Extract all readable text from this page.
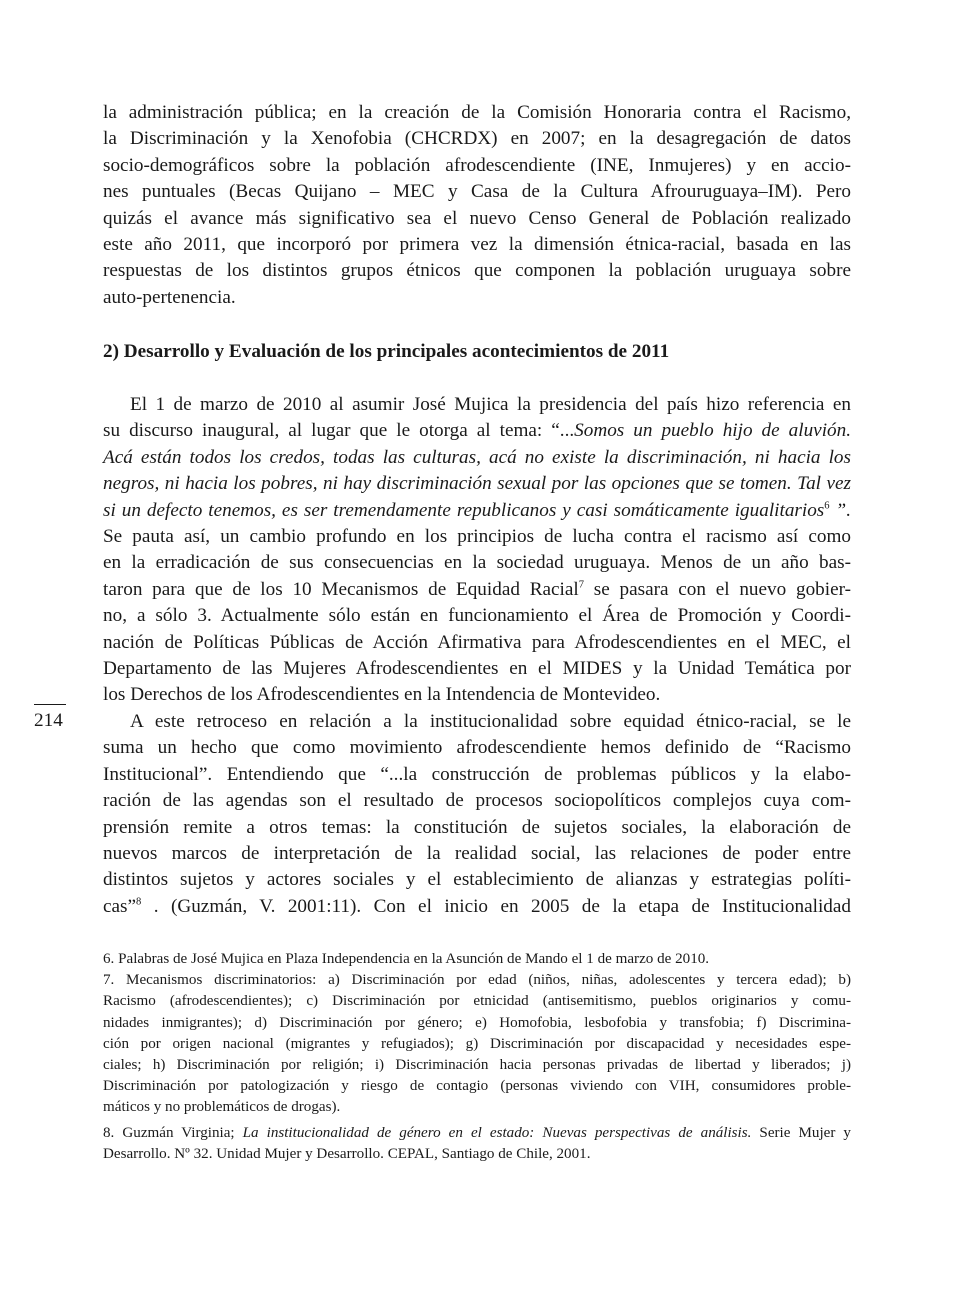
la administración pública; en la creación de la Comisión Honoraria contra el Racismo,
la Discriminación y la Xenofobia (CHCRDX) en 2007; en la desagregación de datos
socio-demográficos sobre la población afrodescendiente (INE, Inmujeres) y en accio-
nes puntuales (Becas Quijano – MEC y Casa de la Cultura Afrouruguaya–IM). Pero
quizás el avance más significativo sea el nuevo Censo General de Población realizado
este año 2011, que incorporó por primera vez la dimensión étnica-racial, basada en las
respuestas de los distintos grupos étnicos que componen la población uruguaya sobre
auto-pertenencia.
2) Desarrollo y Evaluación de los principales acontecimientos de 2011
El 1 de marzo de 2010 al asumir José Mujica la presidencia del país hizo referencia en
su discurso inaugural, al lugar que le otorga al tema: “...Somos un pueblo hijo de aluvión.
Acá están todos los credos, todas las culturas, acá no existe la discriminación, ni hacia los
negros, ni hacia los pobres, ni hay discriminación sexual por las opciones que se tomen. Tal vez
si un defecto tenemos, es ser tremendamente republicanos y casi somáticamente igualitarios$^6$ ”.
Se pauta así, un cambio profundo en los principios de lucha contra el racismo así como
en la erradicación de sus consecuencias en la sociedad uruguaya. Menos de un año bas-
taron para que de los 10 Mecanismos de Equidad Racial$^7$ se pasara con el nuevo gobier-
no, a sólo 3. Actualmente sólo están en funcionamiento el Área de Promoción y Coordi-
nación de Políticas Públicas de Acción Afirmativa para Afrodescendientes en el MEC, el
Departamento de las Mujeres Afrodescendientes en el MIDES y la Unidad Temática por
los Derechos de los Afrodescendientes en la Intendencia de Montevideo.
214	A este retroceso en relación a la institucionalidad sobre equidad étnico-racial, se le
suma un hecho que como movimiento afrodescendiente hemos definido de “Racismo
Institucional”. Entendiendo que “...la construcción de problemas públicos y la elabo-
ración de las agendas son el resultado de procesos sociopolíticos complejos cuya com-
prensión remite a otros temas: la constitución de sujetos sociales, la elaboración de
nuevos marcos de interpretación de la realidad social, las relaciones de poder entre
distintos sujetos y actores sociales y el establecimiento de alianzas y estrategias políti-
cas”$^8$ . (Guzmán, V. 2001:11). Con el inicio en 2005 de la etapa de Institucionalidad
6. Palabras de José Mujica en Plaza Independencia en la Asunción de Mando el 1 de marzo de 2010.
7. Mecanismos discriminatorios: a) Discriminación por edad (niños, niñas, adolescentes y tercera edad); b)
Racismo (afrodescendientes); c) Discriminación por etnicidad (antisemitismo, pueblos originarios y comu-
nidades inmigrantes); d) Discriminación por género; e) Homofobia, lesbofobia y transfobia; f) Discrimina-
ción por origen nacional (migrantes y refugiados); g) Discriminación por discapacidad y necesidades espe-
ciales; h) Discriminación por religión; i) Discriminación hacia personas privadas de libertad y liberados; j)
Discriminación por patologización y riesgo de contagio (personas viviendo con VIH, consumidores proble-
máticos y no problemáticos de drogas).
8. Guzmán Virginia; La institucionalidad de género en el estado: Nuevas perspectivas de análisis. Serie Mujer y
Desarrollo. Nº 32. Unidad Mujer y Desarrollo. CEPAL, Santiago de Chile, 2001.
